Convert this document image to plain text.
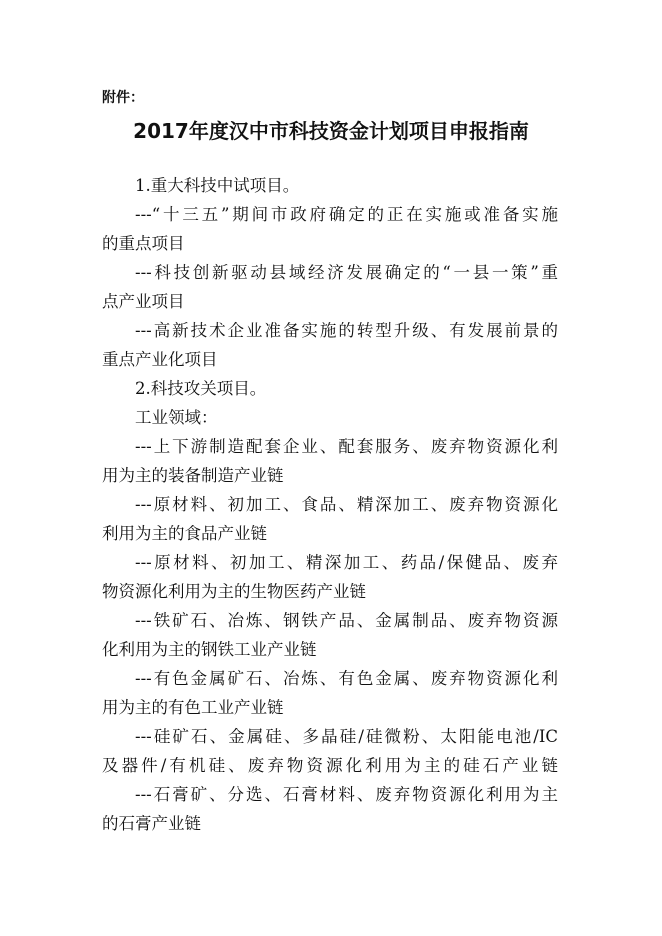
附件：
2017年度汉中市科技资金计划项目申报指南
1.重大科技中试项目。
---“十三五”期间市政府确定的正在实施或准备实施
的重点项目
---科技创新驱动县域经济发展确定的“一县一策”重
点产业项目
---高新技术企业准备实施的转型升级、有发展前景的
重点产业化项目
2.科技攻关项目。
工业领域：
---上下游制造配套企业、配套服务、废弃物资源化利
用为主的装备制造产业链
---原材料、初加工、食品、精深加工、废弃物资源化
利用为主的食品产业链
---原材料、初加工、精深加工、药品/保健品、废弃
物资源化利用为主的生物医药产业链
---铁矿石、冶炼、钢铁产品、金属制品、废弃物资源
化利用为主的钢铁工业产业链
---有色金属矿石、冶炼、有色金属、废弃物资源化利
用为主的有色工业产业链
---硅矿石、金属硅、多晶硅/硅微粉、太阳能电池/IC
及器件/有机硅、废弃物资源化利用为主的硅石产业链
---石膏矿、分选、石膏材料、废弃物资源化利用为主
的石膏产业链
